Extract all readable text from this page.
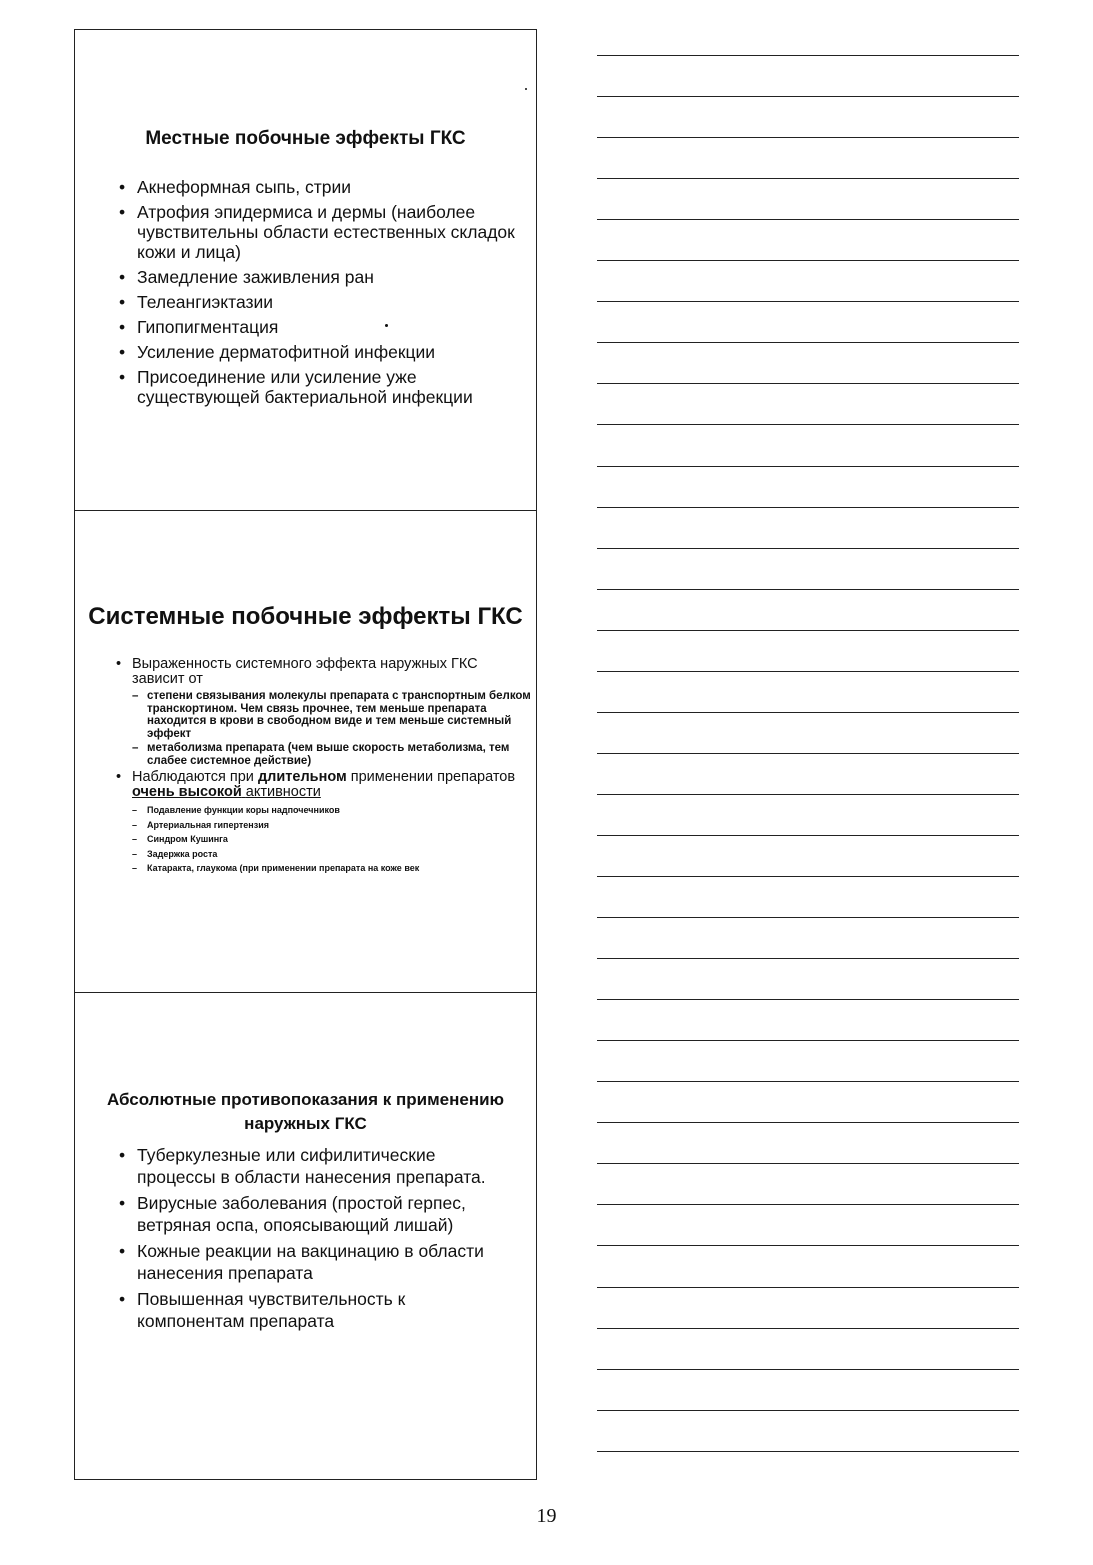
Местные побочные эффекты ГКС
• Акнеформная сыпь, стрии
• Атрофия эпидермиса и дермы (наиболее чувствительны области естественных складок кожи и лица)
• Замедление заживления ран
• Телеангиэктазии
• Гипопигментация
• Усиление дерматофитной инфекции
• Присоединение или усиление уже существующей бактериальной инфекции
Системные побочные эффекты ГКС
• Выраженность системного эффекта наружных ГКС зависит от
– степени связывания молекулы препарата с транспортным белком транскортином. Чем связь прочнее, тем меньше препарата находится в крови в свободном виде и тем меньше системный эффект
– метаболизма препарата (чем выше скорость метаболизма, тем слабее системное действие)
• Наблюдаются при длительном применении препаратов очень высокой активности
– Подавление функции коры надпочечников
– Артериальная гипертензия
– Синдром Кушинга
– Задержка роста
– Катаракта, глаукома (при применении препарата на коже век
Абсолютные противопоказания к применению наружных ГКС
• Туберкулезные или сифилитические процессы в области нанесения препарата.
• Вирусные заболевания (простой герпес, ветряная оспа, опоясывающий лишай)
• Кожные реакции на вакцинацию в области нанесения препарата
• Повышенная чувствительность к компонентам препарата
19
